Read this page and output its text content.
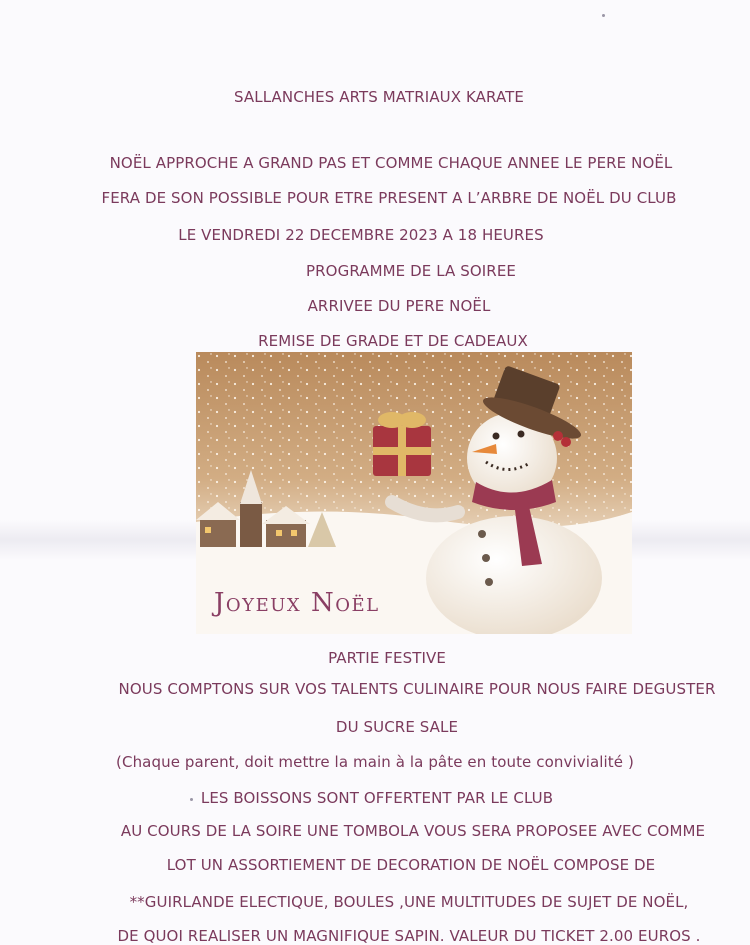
SALLANCHES ARTS MATRIAUX KARATE
NOËL APPROCHE A GRAND PAS ET COMME CHAQUE ANNEE LE PERE NOËL
FERA DE SON POSSIBLE POUR ETRE PRESENT A L’ARBRE DE NOËL DU CLUB
LE VENDREDI 22 DECEMBRE 2023 A 18 HEURES
PROGRAMME DE LA SOIREE
ARRIVEE DU PERE NOËL
REMISE DE GRADE ET DE CADEAUX
Joyeux Noël
PARTIE FESTIVE
NOUS COMPTONS SUR VOS TALENTS CULINAIRE POUR NOUS FAIRE DEGUSTER
DU SUCRE SALE
(Chaque parent, doit mettre la main à la pâte en toute convivialité )
LES BOISSONS SONT OFFERTENT PAR LE CLUB
AU COURS DE LA SOIRE UNE TOMBOLA VOUS SERA PROPOSEE AVEC COMME
LOT UN ASSORTIEMENT DE DECORATION DE NOËL COMPOSE DE
**GUIRLANDE ELECTIQUE, BOULES ,UNE MULTITUDES DE SUJET DE NOËL,
DE QUOI REALISER UN MAGNIFIQUE SAPIN. VALEUR DU TICKET 2.00 EUROS .
